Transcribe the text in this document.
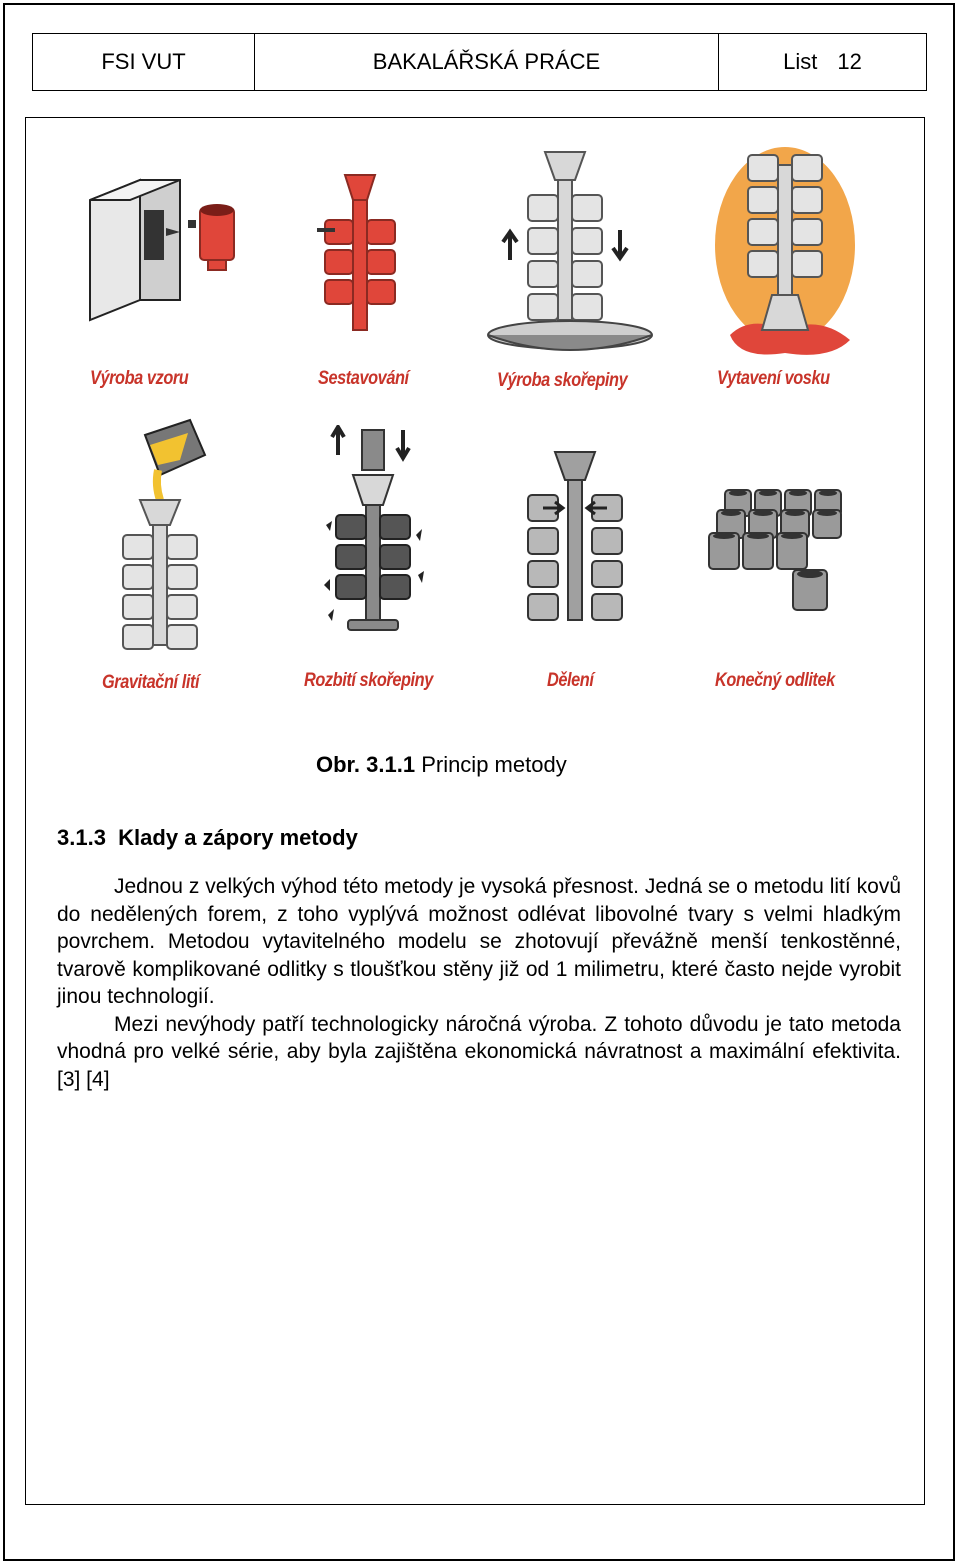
FSI VUT	BAKALÁŘSKÁ PRÁCE	List 12
Výroba vzoru	Sestavování	Výroba skořepiny	Vytavení vosku
Gravitační lití	Rozbití skořepiny	Dělení	Konečný odlitek
Obr. 3.1.1 Princip metody
3.1.3 Klady a zápory metody

Jednou z velkých výhod této metody je vysoká přesnost. Jedná se o metodu lití kovů do nedělených forem, z toho vyplývá možnost odlévat libovolné tvary s velmi hladkým povrchem. Metodou vytavitelného modelu se zhotovují převážně menší tenkostěnné, tvarově komplikované odlitky s tloušťkou stěny již od 1 milimetru, které často nejde vyrobit jinou technologií.

Mezi nevýhody patří technologicky náročná výroba. Z tohoto důvodu je tato metoda vhodná pro velké série, aby byla zajištěna ekonomická návratnost a maximální efektivita. [3] [4]
